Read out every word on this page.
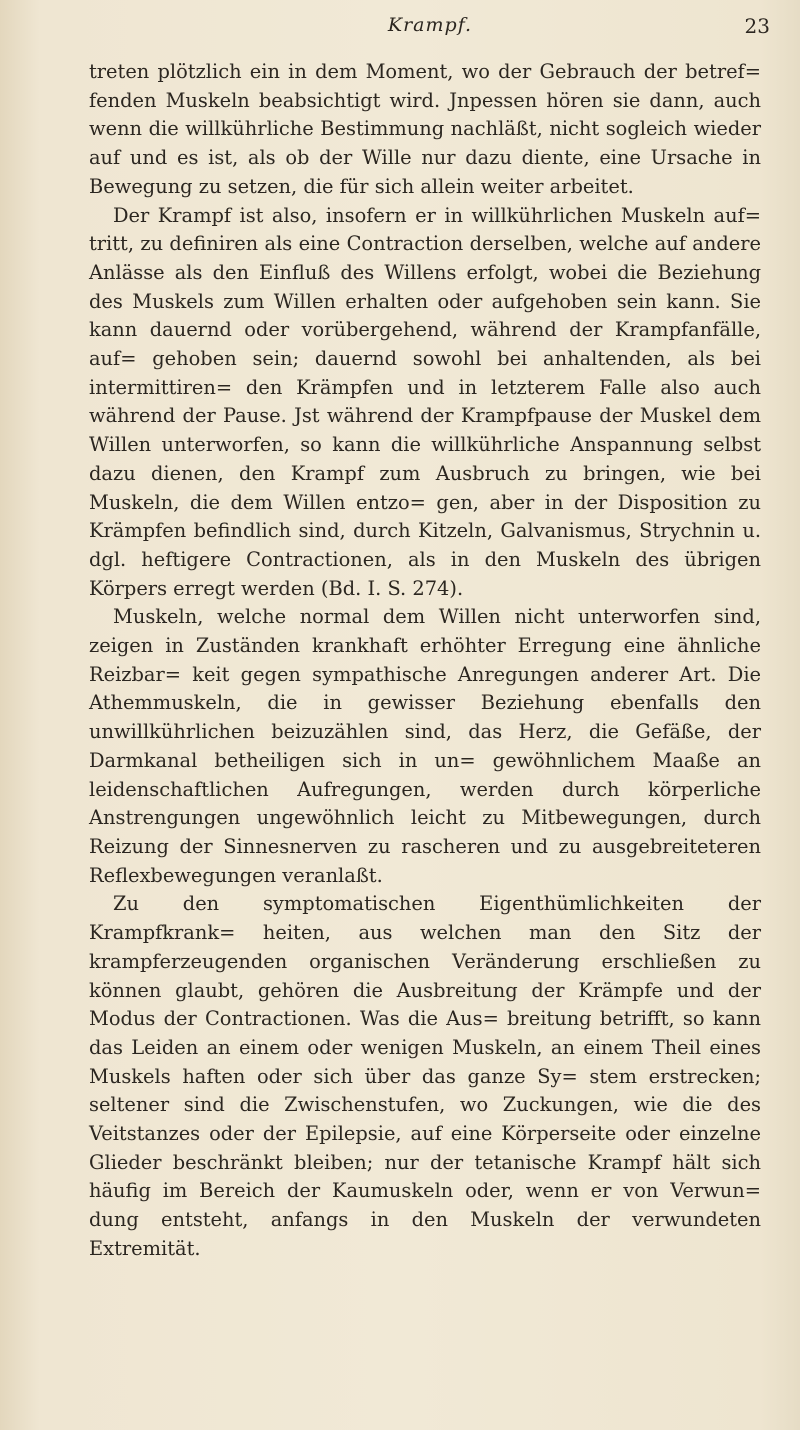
Krampf.	23

treten plötzlich ein in dem Moment, wo der Gebrauch der betref= fenden Muskeln beabsichtigt wird. Jnpessen hören sie dann, auch wenn die willkührliche Bestimmung nachläßt, nicht sogleich wieder auf und es ist, als ob der Wille nur dazu diente, eine Ursache in Bewegung zu setzen, die für sich allein weiter arbeitet.

Der Krampf ist also, insofern er in willkührlichen Muskeln auf= tritt, zu definiren als eine Contraction derselben, welche auf andere Anlässe als den Einfluß des Willens erfolgt, wobei die Beziehung des Muskels zum Willen erhalten oder aufgehoben sein kann. Sie kann dauernd oder vorübergehend, während der Krampfanfälle, auf= gehoben sein; dauernd sowohl bei anhaltenden, als bei intermittiren= den Krämpfen und in letzterem Falle also auch während der Pause. Jst während der Krampfpause der Muskel dem Willen unterworfen, so kann die willkührliche Anspannung selbst dazu dienen, den Krampf zum Ausbruch zu bringen, wie bei Muskeln, die dem Willen entzo= gen, aber in der Disposition zu Krämpfen befindlich sind, durch Kitzeln, Galvanismus, Strychnin u. dgl. heftigere Contractionen, als in den Muskeln des übrigen Körpers erregt werden (Bd. I. S. 274).

Muskeln, welche normal dem Willen nicht unterworfen sind, zeigen in Zuständen krankhaft erhöhter Erregung eine ähnliche Reizbar= keit gegen sympathische Anregungen anderer Art. Die Athemmuskeln, die in gewisser Beziehung ebenfalls den unwillkührlichen beizuzählen sind, das Herz, die Gefäße, der Darmkanal betheiligen sich in un= gewöhnlichem Maaße an leidenschaftlichen Aufregungen, werden durch körperliche Anstrengungen ungewöhnlich leicht zu Mitbewegungen, durch Reizung der Sinnesnerven zu rascheren und zu ausgebreiteteren Reflexbewegungen veranlaßt.

Zu den symptomatischen Eigenthümlichkeiten der Krampfkrank= heiten, aus welchen man den Sitz der krampferzeugenden organischen Veränderung erschließen zu können glaubt, gehören die Ausbreitung der Krämpfe und der Modus der Contractionen. Was die Aus= breitung betrifft, so kann das Leiden an einem oder wenigen Muskeln, an einem Theil eines Muskels haften oder sich über das ganze Sy= stem erstrecken; seltener sind die Zwischenstufen, wo Zuckungen, wie die des Veitstanzes oder der Epilepsie, auf eine Körperseite oder einzelne Glieder beschränkt bleiben; nur der tetanische Krampf hält sich häufig im Bereich der Kaumuskeln oder, wenn er von Verwun= dung entsteht, anfangs in den Muskeln der verwundeten Extremität.
